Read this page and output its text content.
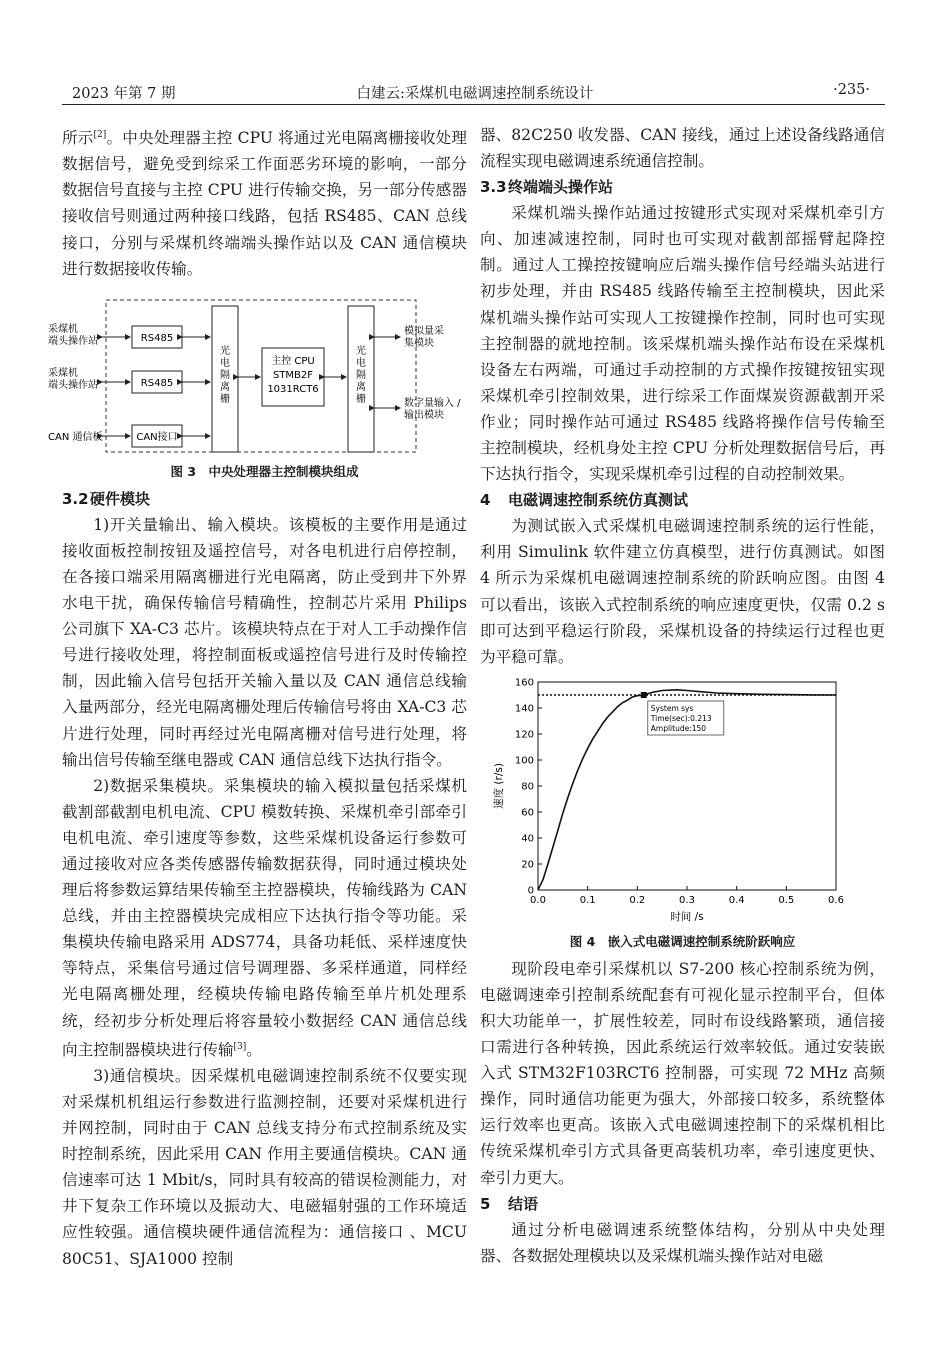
2023 年第 7 期	白建云:采煤机电磁调速控制系统设计	·235·

所示[2]。中央处理器主控 CPU 将通过光电隔离栅接收处理数据信号，避免受到综采工作面恶劣环境的影响，一部分数据信号直接与主控 CPU 进行传输交换，另一部分传感器接收信号则通过两种接口线路，包括 RS485、CAN 总线接口，分别与采煤机终端端头操作站以及 CAN 通信模块进行数据接收传输。

采煤机
端头操作站
采煤机
端头操作站
CAN 通信板
RS485
RS485
CAN接口
光
电
隔
离
栅
主控 CPU
STMB2F
1031RCT6
光
电
隔
离
栅
模拟量采
集模块
数字量输入 /
输出模块

图 3　中央处理器主控制模块组成

3.2硬件模块

1)开关量输出、输入模块。该模板的主要作用是通过接收面板控制按钮及遥控信号，对各电机进行启停控制，在各接口端采用隔离栅进行光电隔离，防止受到井下外界水电干扰，确保传输信号精确性，控制芯片采用 Philips 公司旗下 XA-C3 芯片。该模块特点在于对人工手动操作信号进行接收处理，将控制面板或遥控信号进行及时传输控制，因此输入信号包括开关输入量以及 CAN 通信总线输入量两部分，经光电隔离栅处理后传输信号将由 XA-C3 芯片进行处理，同时再经过光电隔离栅对信号进行处理，将输出信号传输至继电器或 CAN 通信总线下达执行指令。

2)数据采集模块。采集模块的输入模拟量包括采煤机截割部截割电机电流、CPU 模数转换、采煤机牵引部牵引电机电流、牵引速度等参数，这些采煤机设备运行参数可通过接收对应各类传感器传输数据获得，同时通过模块处理后将参数运算结果传输至主控器模块，传输线路为 CAN 总线，并由主控器模块完成相应下达执行指令等功能。采集模块传输电路采用 ADS774，具备功耗低、采样速度快等特点，采集信号通过信号调理器、多采样通道，同样经光电隔离栅处理，经模块传输电路传输至单片机处理系统，经初步分析处理后将容量较小数据经 CAN 通信总线向主控制器模块进行传输[3]。

3)通信模块。因采煤机电磁调速控制系统不仅要实现对采煤机机组运行参数进行监测控制，还要对采煤机进行并网控制，同时由于 CAN 总线支持分布式控制系统及实时控制系统，因此采用 CAN 作用主要通信模块。CAN 通信速率可达 1 Mbit/s，同时具有较高的错误检测能力，对井下复杂工作环境以及振动大、电磁辐射强的工作环境适应性较强。通信模块硬件通信流程为：通信接口 、MCU 80C51、SJA1000 控制

器、82C250 收发器、CAN 接线，通过上述设备线路通信流程实现电磁调速系统通信控制。

3.3终端端头操作站

采煤机端头操作站通过按键形式实现对采煤机牵引方向、加速减速控制，同时也可实现对截割部摇臂起降控制。通过人工操控按键响应后端头操作信号经端头站进行初步处理，并由 RS485 线路传输至主控制模块，因此采煤机端头操作站可实现人工按键操作控制，同时也可实现主控制器的就地控制。该采煤机端头操作站布设在采煤机设备左右两端，可通过手动控制的方式操作按键按钮实现采煤机牵引控制效果，进行综采工作面煤炭资源截割开采作业；同时操作站可通过 RS485 线路将操作信号传输至主控制模块，经机身处主控 CPU 分析处理数据信号后，再下达执行指令，实现采煤机牵引过程的自动控制效果。

4 电磁调速控制系统仿真测试

为测试嵌入式采煤机电磁调速控制系统的运行性能，利用 Simulink 软件建立仿真模型，进行仿真测试。如图 4 所示为采煤机电磁调速控制系统的阶跃响应图。由图 4 可以看出，该嵌入式控制系统的响应速度更快，仅需 0.2 s 即可达到平稳运行阶段，采煤机设备的持续运行过程也更为平稳可靠。

0.0	0.1	0.2	0.3	0.4	0.5	0.6
0
20
40
60
80
100
120
140
160
时间 /s
速度 (r/s)
System sys
Time(sec):0.213
Amplitude:150

图 4　嵌入式电磁调速控制系统阶跃响应

现阶段电牵引采煤机以 S7-200 核心控制系统为例，电磁调速牵引控制系统配套有可视化显示控制平台，但体积大功能单一，扩展性较差，同时布设线路繁琐，通信接口需进行各种转换，因此系统运行效率较低。通过安装嵌入式 STM32F103RCT6 控制器，可实现 72 MHz 高频操作，同时通信功能更为强大，外部接口较多，系统整体运行效率也更高。该嵌入式电磁调速控制下的采煤机相比传统采煤机牵引方式具备更高装机功率，牵引速度更快、牵引力更大。

5 结语

通过分析电磁调速系统整体结构，分别从中央处理器、各数据处理模块以及采煤机端头操作站对电磁
